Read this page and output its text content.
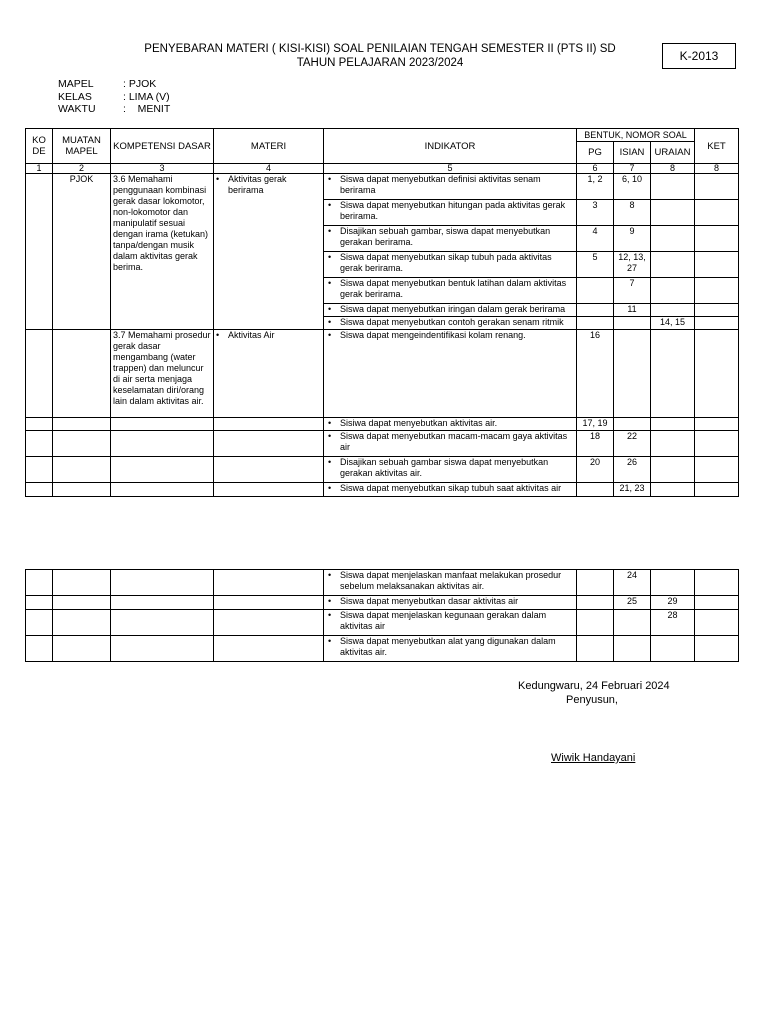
PENYEBARAN MATERI ( KISI-KISI) SOAL PENILAIAN TENGAH SEMESTER II (PTS II) SD
TAHUN PELAJARAN 2023/2024	K-2013
MAPEL	: PJOK
KELAS	: LIMA (V)
WAKTU	:    MENIT
KO DE	MUATAN MAPEL	KOMPETENSI DASAR	MATERI	INDIKATOR	BENTUK, NOMOR SOAL			KET
					PG	ISIAN	URAIAN	
1	2	3	4	5	6	7	8	8
	PJOK	3.6 Memahami penggunaan kombinasi gerak dasar lokomotor, non-lokomotor dan manipulatif sesuai dengan irama (ketukan) tanpa/dengan musik dalam aktivitas gerak berima.	• Aktivitas gerak berirama	• Siswa dapat menyebutkan definisi aktivitas senam berirama	1, 2	6, 10		

				• Siswa dapat menyebutkan hitungan pada aktivitas gerak berirama.	3	8		

				• Disajikan sebuah gambar, siswa dapat menyebutkan gerakan berirama.	4	9		

				• Siswa dapat menyebutkan sikap tubuh pada aktivitas gerak berirama.	5	12, 13, 27		

				• Siswa dapat menyebutkan bentuk latihan dalam aktivitas gerak berirama.		7		

				• Siswa dapat menyebutkan iringan dalam gerak berirama		11		

				• Siswa dapat menyebutkan contoh gerakan senam ritmik			14, 15	
		3.7 Memahami prosedur gerak dasar mengambang (water trappen) dan meluncur di air serta menjaga keselamatan diri/orang lain dalam aktivitas air.	• Aktivitas Air	• Siswa dapat mengeindentifikasi kolam renang.	16			

				• Sisiwa dapat menyebutkan aktivitas air.	17, 19			

				• Siswa dapat menyebutkan macam-macam gaya aktivitas air	18	22		

				• Disajikan sebuah gambar siswa dapat menyebutkan gerakan aktivitas air.	20	26		

				• Siswa dapat menyebutkan sikap tubuh saat aktivitas air		21, 23		

				• Siswa dapat menjelaskan manfaat melakukan prosedur sebelum melaksanakan aktivitas air.		24		

				• Siswa dapat menyebutkan dasar aktivitas air		25	29	

				• Siswa dapat menjelaskan kegunaan gerakan dalam aktivitas air			28	

				• Siswa dapat menyebutkan alat yang digunakan dalam aktivitas air.				

Kedungwaru, 24 Februari 2024
Penyusun,
Wiwik Handayani
